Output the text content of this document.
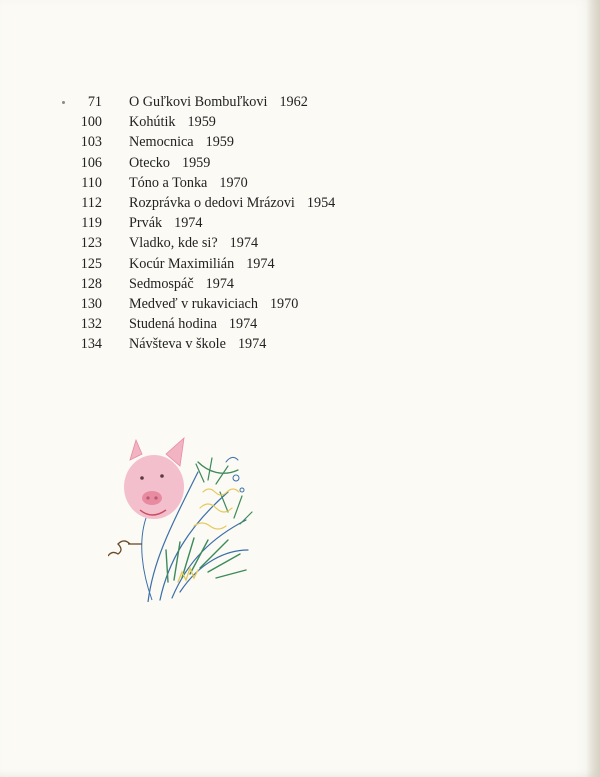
71 O Guľkovi Bombuľkovi 1962
100 Kohútik 1959
103 Nemocnica 1959
106 Otecko 1959
110 Tóno a Tonka 1970
112 Rozprávka o dedovi Mrázovi 1954
119 Prvák 1974
123 Vladko, kde si? 1974
125 Kocúr Maximilián 1974
128 Sedmospáč 1974
130 Medveď v rukaviciach 1970
132 Studená hodina 1974
134 Návšteva v škole 1974
